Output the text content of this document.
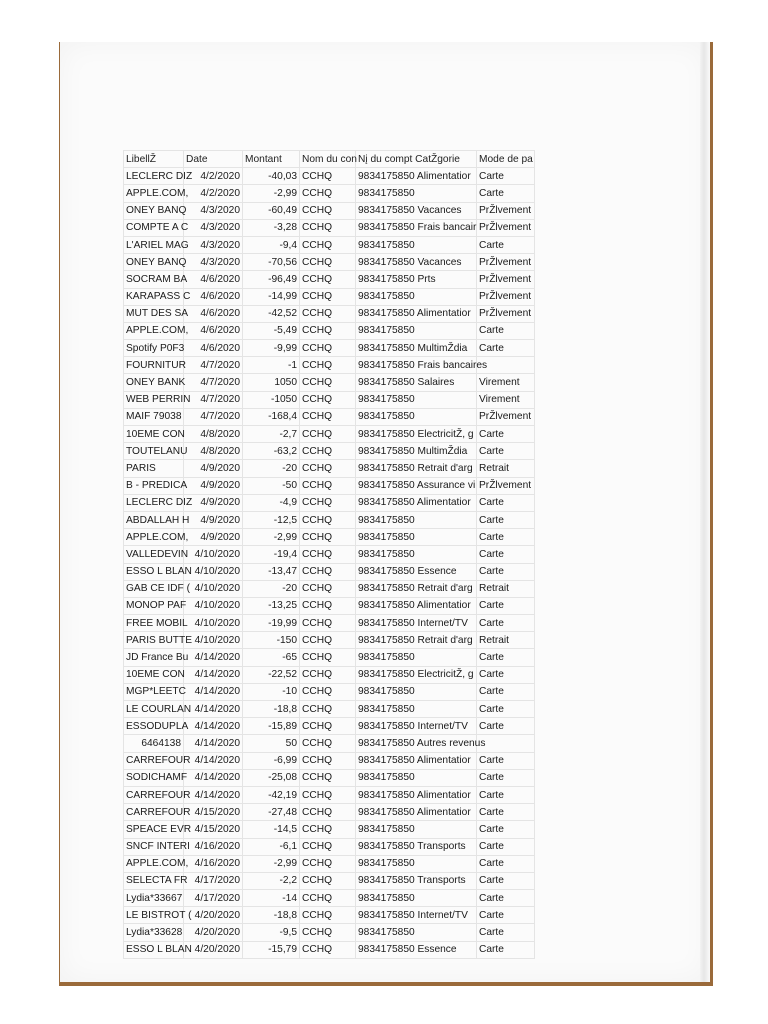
LibellŽ	Date	Montant	Nom du con	Nį du compt CatŽgorie	Mode de pa
LECLERC DIZ	4/2/2020	-40,03	CCHQ	9834175850 Alimentatior	Carte
APPLE.COM,	4/2/2020	-2,99	CCHQ	9834175850	Carte
ONEY BANQ	4/3/2020	-60,49	CCHQ	9834175850 Vacances	PrŽlvement
COMPTE A C	4/3/2020	-3,28	CCHQ	9834175850 Frais bancair	PrŽlvement
L'ARIEL MAG	4/3/2020	-9,4	CCHQ	9834175850	Carte
ONEY BANQ	4/3/2020	-70,56	CCHQ	9834175850 Vacances	PrŽlvement
SOCRAM BA	4/6/2020	-96,49	CCHQ	9834175850 Prts	PrŽlvement
KARAPASS C	4/6/2020	-14,99	CCHQ	9834175850	PrŽlvement
MUT DES SA	4/6/2020	-42,52	CCHQ	9834175850 Alimentatior	PrŽlvement
APPLE.COM,	4/6/2020	-5,49	CCHQ	9834175850	Carte
Spotify P0F3	4/6/2020	-9,99	CCHQ	9834175850 MultimŽdia	Carte
FOURNITUR	4/7/2020	-1	CCHQ	9834175850 Frais bancaires	
ONEY BANK	4/7/2020	1050	CCHQ	9834175850 Salaires	Virement
WEB PERRIN	4/7/2020	-1050	CCHQ	9834175850	Virement
MAIF 79038	4/7/2020	-168,4	CCHQ	9834175850	PrŽlvement
10EME CON	4/8/2020	-2,7	CCHQ	9834175850 ElectricitŽ, g	Carte
TOUTELANU	4/8/2020	-63,2	CCHQ	9834175850 MultimŽdia	Carte
PARIS	4/9/2020	-20	CCHQ	9834175850 Retrait d'arg	Retrait
B - PREDICA	4/9/2020	-50	CCHQ	9834175850 Assurance vi	PrŽlvement
LECLERC DIZ	4/9/2020	-4,9	CCHQ	9834175850 Alimentatior	Carte
ABDALLAH H	4/9/2020	-12,5	CCHQ	9834175850	Carte
APPLE.COM,	4/9/2020	-2,99	CCHQ	9834175850	Carte
VALLEDEVIN	4/10/2020	-19,4	CCHQ	9834175850	Carte
ESSO L BLAN	4/10/2020	-13,47	CCHQ	9834175850 Essence	Carte
GAB CE IDF (	4/10/2020	-20	CCHQ	9834175850 Retrait d'arg	Retrait
MONOP PAF	4/10/2020	-13,25	CCHQ	9834175850 Alimentatior	Carte
FREE MOBIL	4/10/2020	-19,99	CCHQ	9834175850 Internet/TV	Carte
PARIS BUTTE	4/10/2020	-150	CCHQ	9834175850 Retrait d'arg	Retrait
JD France Bu	4/14/2020	-65	CCHQ	9834175850	Carte
10EME CON	4/14/2020	-22,52	CCHQ	9834175850 ElectricitŽ, g	Carte
MGP*LEETC	4/14/2020	-10	CCHQ	9834175850	Carte
LE COURLAN	4/14/2020	-18,8	CCHQ	9834175850	Carte
ESSODUPLA	4/14/2020	-15,89	CCHQ	9834175850 Internet/TV	Carte
6464138	4/14/2020	50	CCHQ	9834175850 Autres revenus	
CARREFOUR	4/14/2020	-6,99	CCHQ	9834175850 Alimentatior	Carte
SODICHAMF	4/14/2020	-25,08	CCHQ	9834175850	Carte
CARREFOUR	4/14/2020	-42,19	CCHQ	9834175850 Alimentatior	Carte
CARREFOUR	4/15/2020	-27,48	CCHQ	9834175850 Alimentatior	Carte
SPEACE EVR	4/15/2020	-14,5	CCHQ	9834175850	Carte
SNCF INTERI	4/16/2020	-6,1	CCHQ	9834175850 Transports	Carte
APPLE.COM,	4/16/2020	-2,99	CCHQ	9834175850	Carte
SELECTA FR	4/17/2020	-2,2	CCHQ	9834175850 Transports	Carte
Lydia*33667	4/17/2020	-14	CCHQ	9834175850	Carte
LE BISTROT (	4/20/2020	-18,8	CCHQ	9834175850 Internet/TV	Carte
Lydia*33628	4/20/2020	-9,5	CCHQ	9834175850	Carte
ESSO L BLAN	4/20/2020	-15,79	CCHQ	9834175850 Essence	Carte
